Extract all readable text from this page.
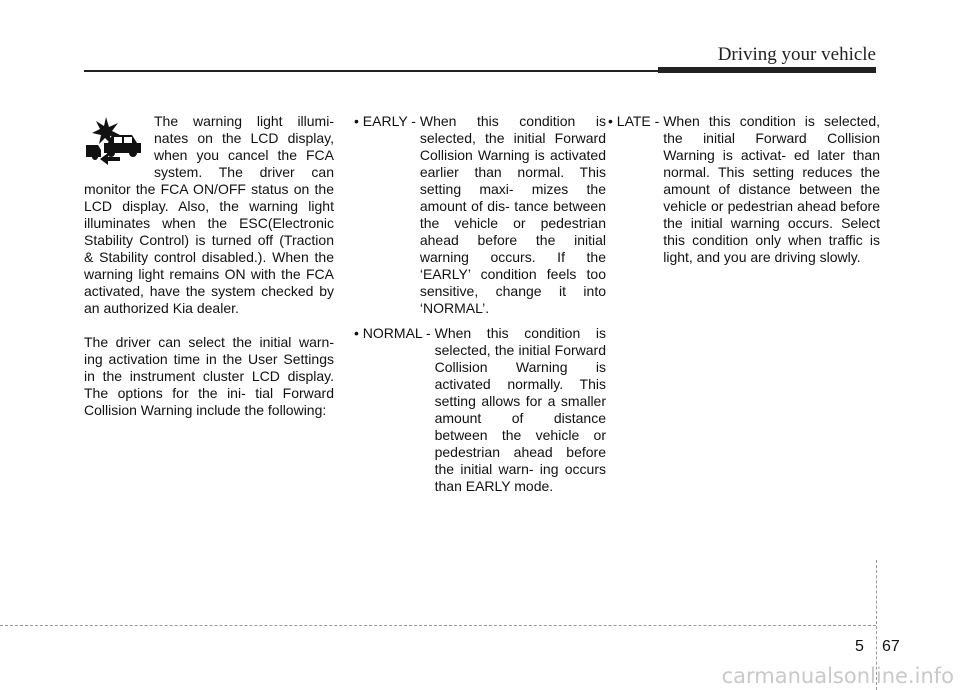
Driving your vehicle

The warning light illumi- nates on the LCD display, when you cancel the FCA system. The driver can monitor the FCA ON/OFF status on the LCD display. Also, the warning light illuminates when the ESC(Electronic Stability Control) is turned off (Traction & Stability control disabled.). When the warning light remains ON with the FCA activated, have the system checked by an authorized Kia dealer.

The driver can select the initial warn- ing activation time in the User Settings in the instrument cluster LCD display. The options for the ini- tial Forward Collision Warning include the following:

• EARLY - When this condition is selected, the initial Forward Collision Warning is activated earlier than normal. This setting maxi- mizes the amount of dis- tance between the vehicle or pedestrian ahead before the initial warning occurs. If the ‘EARLY’ condition feels too sensitive, change it into ‘NORMAL’.
• NORMAL - When this condition is selected, the initial Forward Collision Warning is activated normally. This setting allows for a smaller amount of distance between the vehicle or pedestrian ahead before the initial warn- ing occurs than EARLY mode.
• LATE - When this condition is selected, the initial Forward Collision Warning is activat- ed later than normal. This setting reduces the amount of distance between the vehicle or pedestrian ahead before the initial warning occurs. Select this condition only when traffic is light, and you are driving slowly.
5 67
carmanualsonline.info
